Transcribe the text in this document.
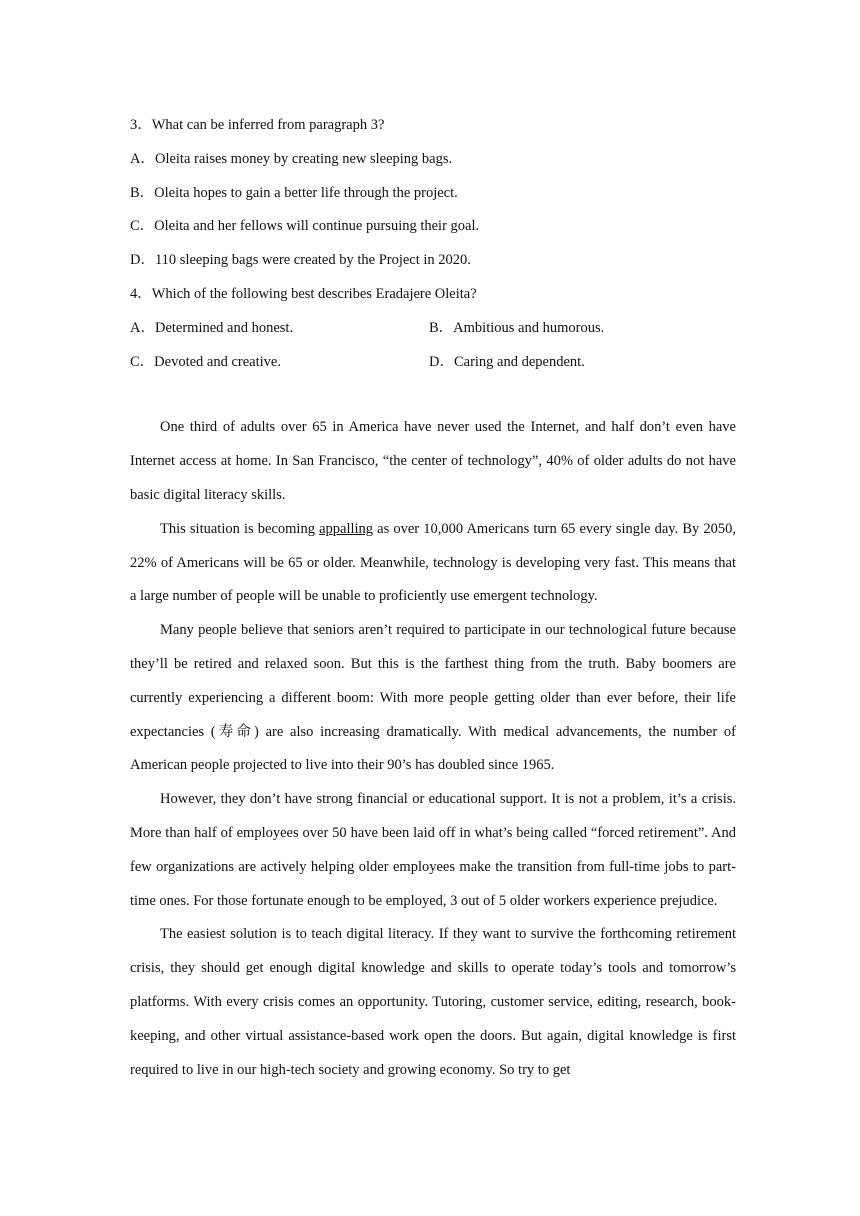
3．What can be inferred from paragraph 3?
A．Oleita raises money by creating new sleeping bags.
B．Oleita hopes to gain a better life through the project.
C．Oleita and her fellows will continue pursuing their goal.
D．110 sleeping bags were created by the Project in 2020.
4．Which of the following best describes Eradajere Oleita?
A．Determined and honest.	B．Ambitious and humorous.
C．Devoted and creative.	D．Caring and dependent.

One third of adults over 65 in America have never used the Internet, and half don’t even have Internet access at home. In San Francisco, “the center of technology”, 40% of older adults do not have basic digital literacy skills.

This situation is becoming appalling as over 10,000 Americans turn 65 every single day. By 2050, 22% of Americans will be 65 or older. Meanwhile, technology is developing very fast. This means that a large number of people will be unable to proficiently use emergent technology.

Many people believe that seniors aren’t required to participate in our technological future because they’ll be retired and relaxed soon. But this is the farthest thing from the truth. Baby boomers are currently experiencing a different boom: With more people getting older than ever before, their life expectancies (寿命) are also increasing dramatically. With medical advancements, the number of American people projected to live into their 90’s has doubled since 1965.

However, they don’t have strong financial or educational support. It is not a problem, it’s a crisis. More than half of employees over 50 have been laid off in what’s being called “forced retirement”. And few organizations are actively helping older employees make the transition from full-time jobs to part-time ones. For those fortunate enough to be employed, 3 out of 5 older workers experience prejudice.

The easiest solution is to teach digital literacy. If they want to survive the forthcoming retirement crisis, they should get enough digital knowledge and skills to operate today’s tools and tomorrow’s platforms. With every crisis comes an opportunity. Tutoring, customer service, editing, research, book-keeping, and other virtual assistance-based work open the doors. But again, digital knowledge is first required to live in our high-tech society and growing economy. So try to get
